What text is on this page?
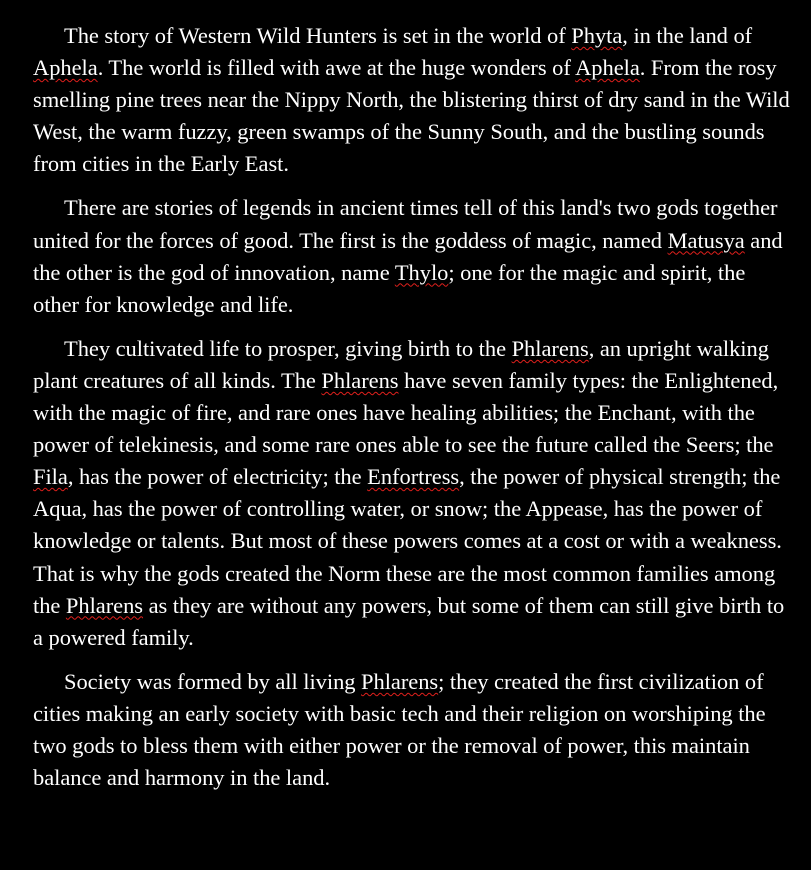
The story of Western Wild Hunters is set in the world of Phyta, in the land of Aphela. The world is filled with awe at the huge wonders of Aphela. From the rosy smelling pine trees near the Nippy North, the blistering thirst of dry sand in the Wild West, the warm fuzzy, green swamps of the Sunny South, and the bustling sounds from cities in the Early East.

There are stories of legends in ancient times tell of this land's two gods together united for the forces of good. The first is the goddess of magic, named Matusya and the other is the god of innovation, name Thylo; one for the magic and spirit, the other for knowledge and life.

They cultivated life to prosper, giving birth to the Phlarens, an upright walking plant creatures of all kinds. The Phlarens have seven family types: the Enlightened, with the magic of fire, and rare ones have healing abilities; the Enchant, with the power of telekinesis, and some rare ones able to see the future called the Seers; the Fila, has the power of electricity; the Enfortress, the power of physical strength; the Aqua, has the power of controlling water, or snow; the Appease, has the power of knowledge or talents. But most of these powers comes at a cost or with a weakness. That is why the gods created the Norm these are the most common families among the Phlarens as they are without any powers, but some of them can still give birth to a powered family.

Society was formed by all living Phlarens; they created the first civilization of cities making an early society with basic tech and their religion on worshiping the two gods to bless them with either power or the removal of power, this maintain balance and harmony in the land.
